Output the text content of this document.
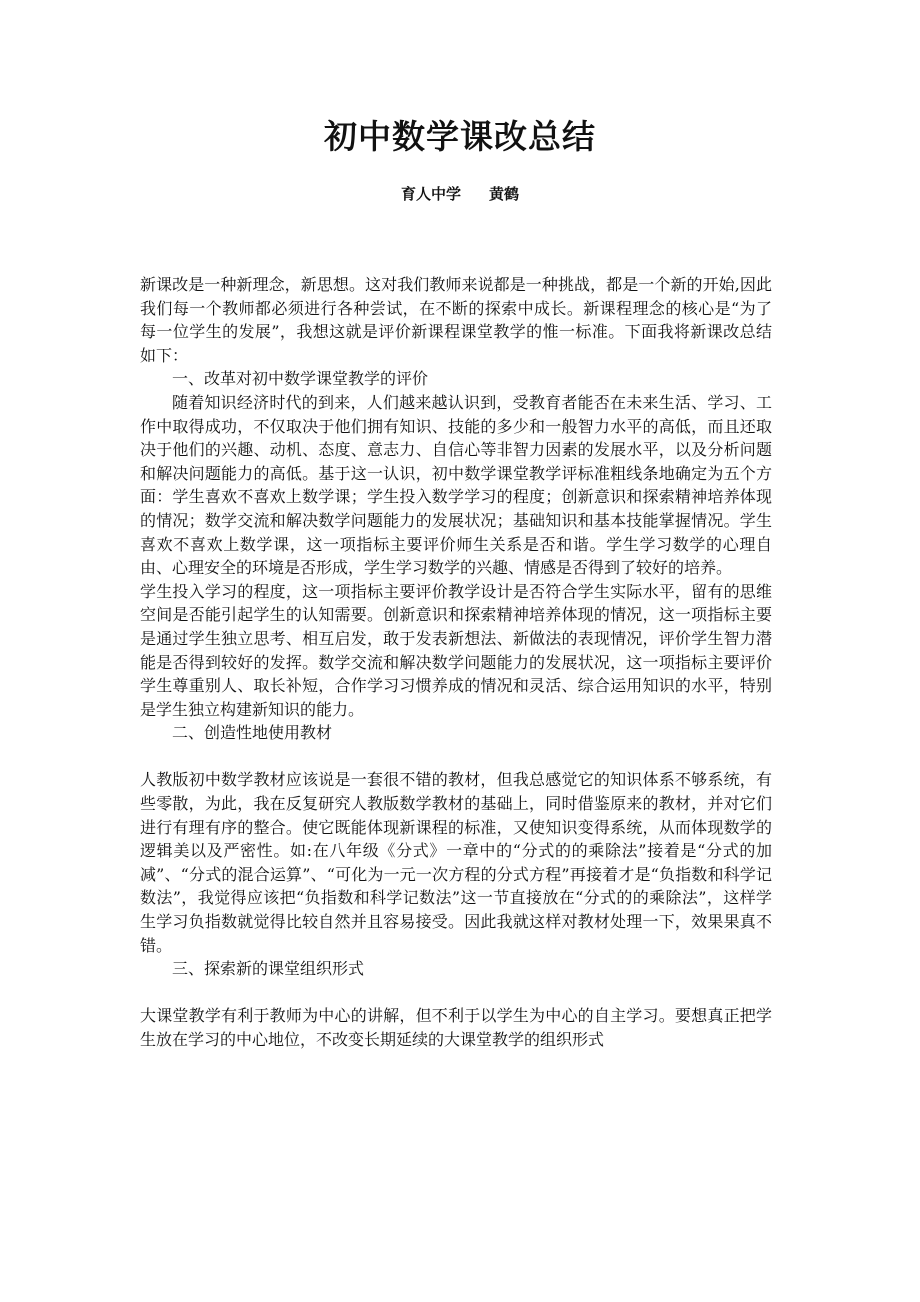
初中数学课改总结
育人中学 黄鹤

新课改是一种新理念，新思想。这对我们教师来说都是一种挑战，都是一个新的开始,因此我们每一个教师都必须进行各种尝试，在不断的探索中成长。新课程理念的核心是“为了每一位学生的发展”，我想这就是评价新课程课堂教学的惟一标准。下面我将新课改总结如下：

一、改革对初中数学课堂教学的评价

随着知识经济时代的到来，人们越来越认识到，受教育者能否在未来生活、学习、工作中取得成功，不仅取决于他们拥有知识、技能的多少和一般智力水平的高低，而且还取决于他们的兴趣、动机、态度、意志力、自信心等非智力因素的发展水平，以及分析问题和解决问题能力的高低。基于这一认识，初中数学课堂教学评标准粗线条地确定为五个方面：学生喜欢不喜欢上数学课；学生投入数学学习的程度；创新意识和探索精神培养体现的情况；数学交流和解决数学问题能力的发展状况；基础知识和基本技能掌握情况。学生喜欢不喜欢上数学课，这一项指标主要评价师生关系是否和谐。学生学习数学的心理自由、心理安全的环境是否形成，学生学习数学的兴趣、情感是否得到了较好的培养。

学生投入学习的程度，这一项指标主要评价教学设计是否符合学生实际水平，留有的思维空间是否能引起学生的认知需要。创新意识和探索精神培养体现的情况，这一项指标主要是通过学生独立思考、相互启发，敢于发表新想法、新做法的表现情况，评价学生智力潜能是否得到较好的发挥。数学交流和解决数学问题能力的发展状况，这一项指标主要评价学生尊重别人、取长补短，合作学习习惯养成的情况和灵活、综合运用知识的水平，特别是学生独立构建新知识的能力。

二、创造性地使用教材

人教版初中数学教材应该说是一套很不错的教材，但我总感觉它的知识体系不够系统，有些零散，为此，我在反复研究人教版数学教材的基础上，同时借鉴原来的教材，并对它们进行有理有序的整合。使它既能体现新课程的标准，又使知识变得系统，从而体现数学的逻辑美以及严密性。如:在八年级《分式》一章中的“分式的的乘除法”接着是“分式的加减”、“分式的混合运算”、“可化为一元一次方程的分式方程”再接着才是“负指数和科学记数法”，我觉得应该把“负指数和科学记数法”这一节直接放在“分式的的乘除法”，这样学生学习负指数就觉得比较自然并且容易接受。因此我就这样对教材处理一下，效果果真不错。

三、探索新的课堂组织形式

大课堂教学有利于教师为中心的讲解，但不利于以学生为中心的自主学习。要想真正把学生放在学习的中心地位，不改变长期延续的大课堂教学的组织形式
